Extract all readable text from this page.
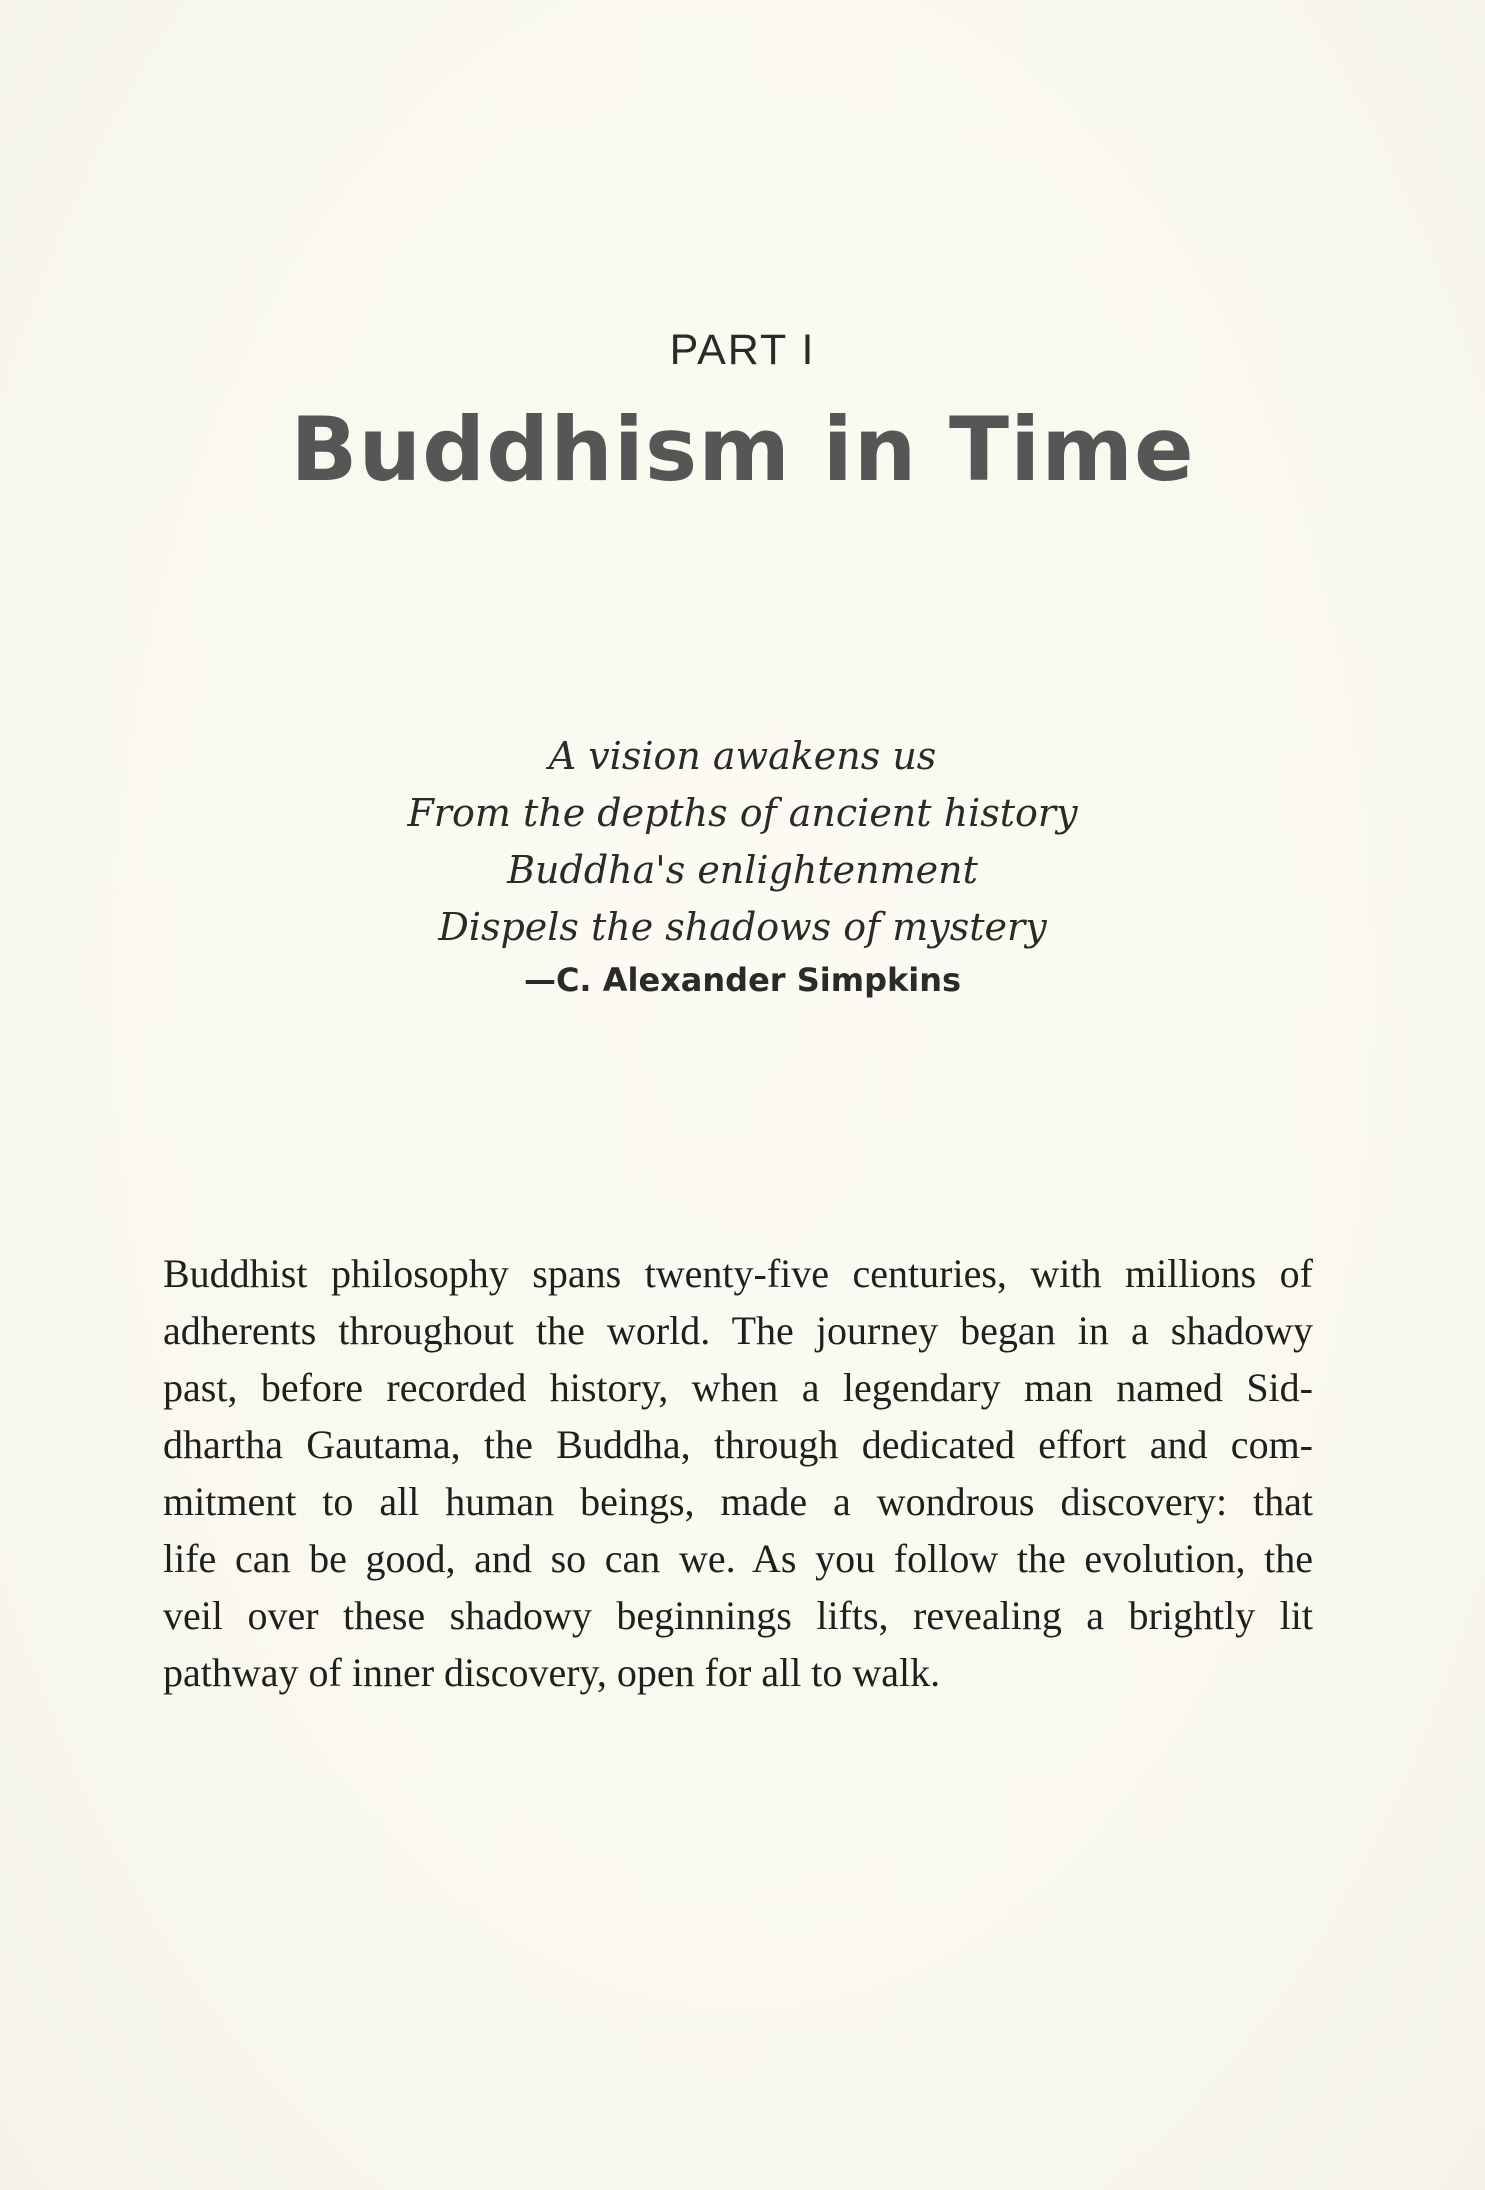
PART I
Buddhism in Time
A vision awakens us
From the depths of ancient history
Buddha's enlightenment
Dispels the shadows of mystery
—C. Alexander Simpkins
Buddhist philosophy spans twenty-five centuries, with millions of
adherents throughout the world. The journey began in a shadowy
past, before recorded history, when a legendary man named Sid-
dhartha Gautama, the Buddha, through dedicated effort and com-
mitment to all human beings, made a wondrous discovery: that
life can be good, and so can we. As you follow the evolution, the
veil over these shadowy beginnings lifts, revealing a brightly lit
pathway of inner discovery, open for all to walk.
